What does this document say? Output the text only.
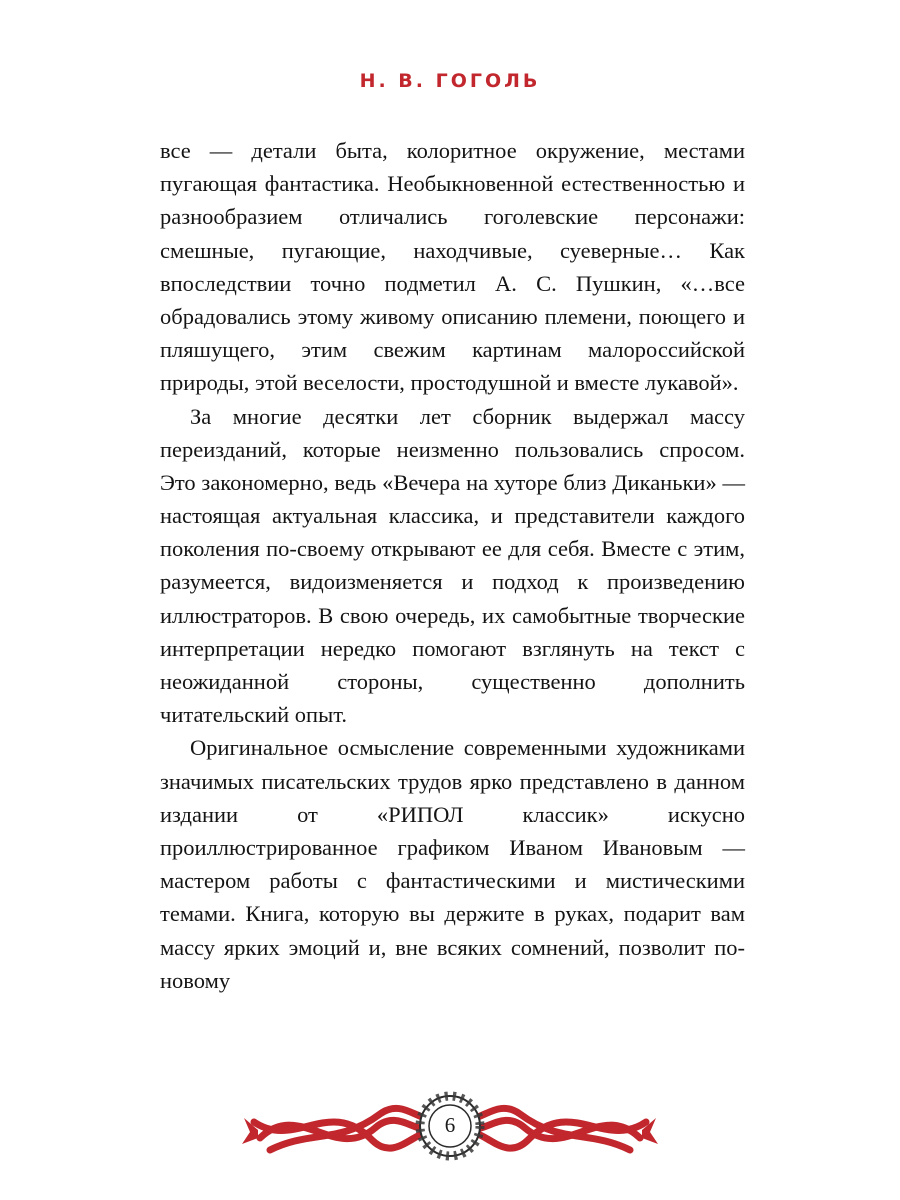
Н. В. ГОГОЛЬ

все — детали быта, колоритное окружение, местами пугающая фантастика. Необыкновенной естественностью и разнообразием отличались гоголевские персонажи: смешные, пугающие, находчивые, суеверные… Как впоследствии точно подметил А. С. Пушкин, «…все обрадовались этому живому описанию племени, поющего и пляшущего, этим свежим картинам малороссийской природы, этой веселости, простодушной и вместе лукавой».

За многие десятки лет сборник выдержал массу переизданий, которые неизменно пользовались спросом. Это закономерно, ведь «Вечера на хуторе близ Диканьки» — настоящая актуальная классика, и представители каждого поколения по-своему открывают ее для себя. Вместе с этим, разумеется, видоизменяется и подход к произведению иллюстраторов. В свою очередь, их самобытные творческие интерпретации нередко помогают взглянуть на текст с неожиданной стороны, существенно дополнить читательский опыт.

Оригинальное осмысление современными художниками значимых писательских трудов ярко представлено в данном издании от «РИПОЛ классик» искусно проиллюстрированное графиком Иваном Ивановым — мастером работы с фантастическими и мистическими темами. Книга, которую вы держите в руках, подарит вам массу ярких эмоций и, вне всяких сомнений, позволит по-новому

6
